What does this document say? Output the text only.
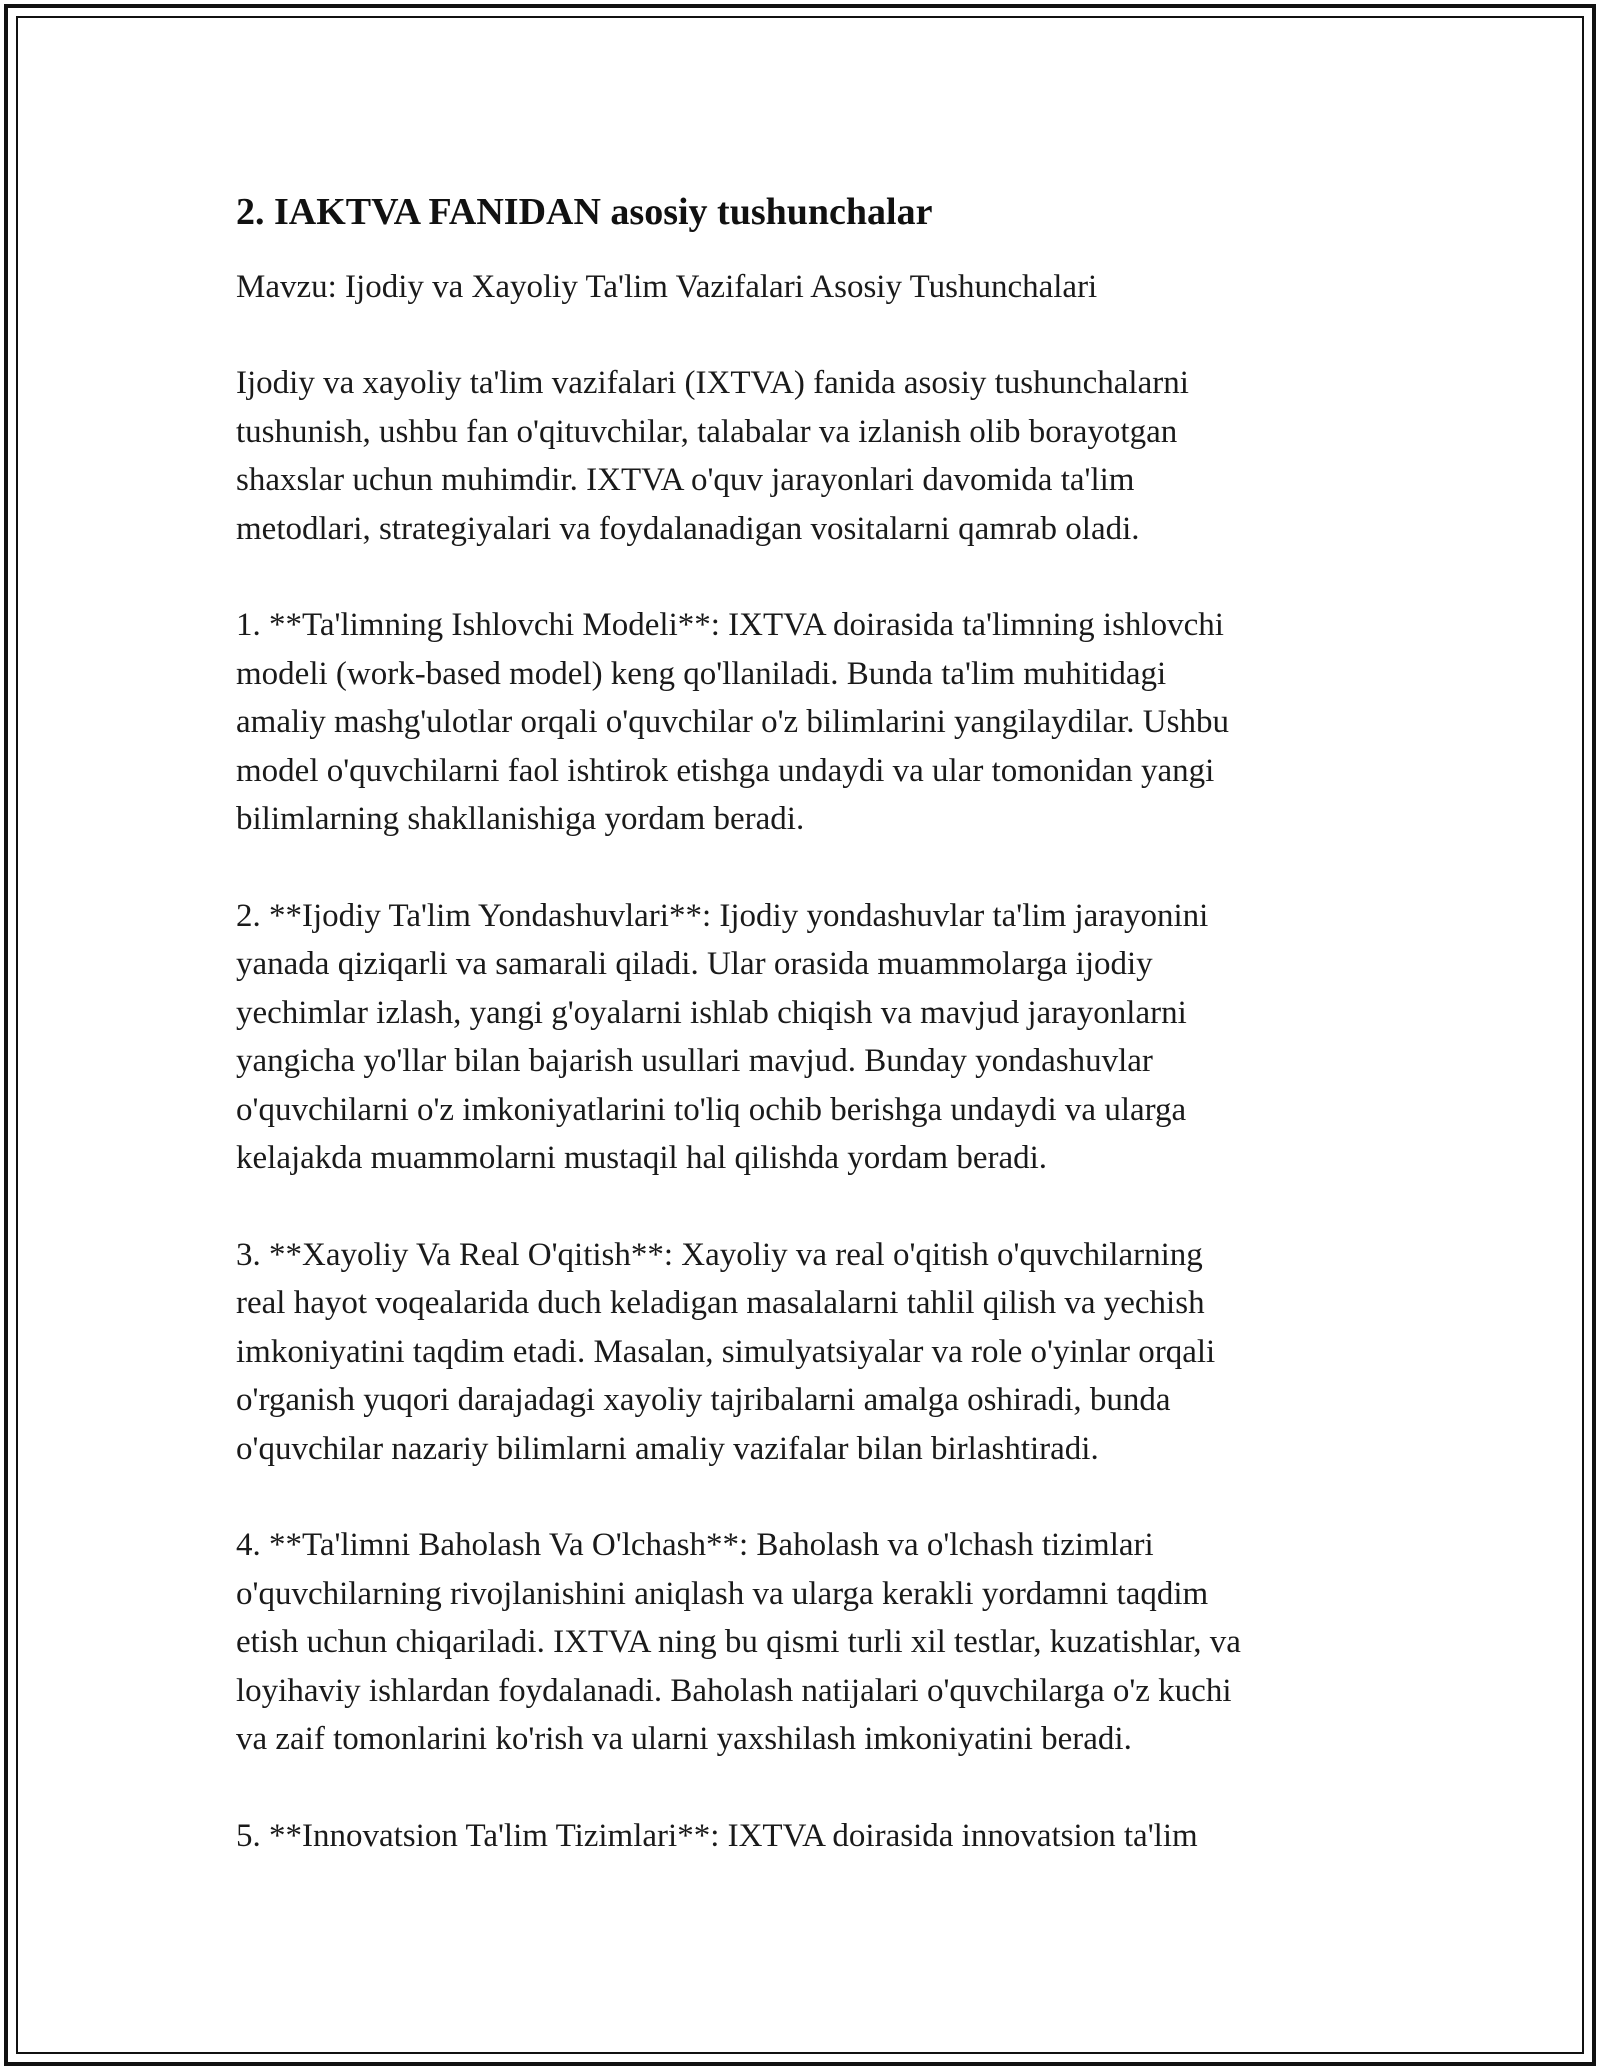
2. IAKTVA FANIDAN asosiy tushunchalar

Mavzu: Ijodiy va Xayoliy Ta'lim Vazifalari Asosiy Tushunchalari

Ijodiy va xayoliy ta'lim vazifalari (IXTVA) fanida asosiy tushunchalarni
tushunish, ushbu fan o'qituvchilar, talabalar va izlanish olib borayotgan
shaxslar uchun muhimdir. IXTVA o'quv jarayonlari davomida ta'lim
metodlari, strategiyalari va foydalanadigan vositalarni qamrab oladi.
1. **Ta'limning Ishlovchi Modeli**: IXTVA doirasida ta'limning ishlovchi
modeli (work-based model) keng qo'llaniladi. Bunda ta'lim muhitidagi
amaliy mashg'ulotlar orqali o'quvchilar o'z bilimlarini yangilaydilar. Ushbu
model o'quvchilarni faol ishtirok etishga undaydi va ular tomonidan yangi
bilimlarning shakllanishiga yordam beradi.
2. **Ijodiy Ta'lim Yondashuvlari**: Ijodiy yondashuvlar ta'lim jarayonini
yanada qiziqarli va samarali qiladi. Ular orasida muammolarga ijodiy
yechimlar izlash, yangi g'oyalarni ishlab chiqish va mavjud jarayonlarni
yangicha yo'llar bilan bajarish usullari mavjud. Bunday yondashuvlar
o'quvchilarni o'z imkoniyatlarini to'liq ochib berishga undaydi va ularga
kelajakda muammolarni mustaqil hal qilishda yordam beradi.
3. **Xayoliy Va Real O'qitish**: Xayoliy va real o'qitish o'quvchilarning
real hayot voqealarida duch keladigan masalalarni tahlil qilish va yechish
imkoniyatini taqdim etadi. Masalan, simulyatsiyalar va role o'yinlar orqali
o'rganish yuqori darajadagi xayoliy tajribalarni amalga oshiradi, bunda
o'quvchilar nazariy bilimlarni amaliy vazifalar bilan birlashtiradi.
4. **Ta'limni Baholash Va O'lchash**: Baholash va o'lchash tizimlari
o'quvchilarning rivojlanishini aniqlash va ularga kerakli yordamni taqdim
etish uchun chiqariladi. IXTVA ning bu qismi turli xil testlar, kuzatishlar, va
loyihaviy ishlardan foydalanadi. Baholash natijalari o'quvchilarga o'z kuchi
va zaif tomonlarini ko'rish va ularni yaxshilash imkoniyatini beradi.
5. **Innovatsion Ta'lim Tizimlari**: IXTVA doirasida innovatsion ta'lim
